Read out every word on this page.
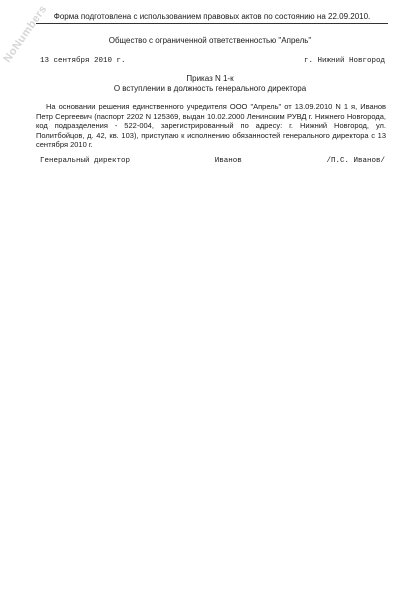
NoNumbers Форма подготовлена с использованием правовых актов по состоянию на 22.09.2010.
Общество с ограниченной ответственностью "Апрель"
13 сентября 2010 г.	г. Нижний Новгород
Приказ N 1-к
О вступлении в должность генерального директора
На основании решения единственного учредителя ООО "Апрель" от 13.09.2010 N 1 я, Иванов Петр Сергеевич (паспорт 2202 N 125369, выдан 10.02.2000 Ленинским РУВД г. Нижнего Новгорода, код подразделения - 522-004, зарегистрированный по адресу: г. Нижний Новгород, ул. Политбойцов, д. 42, кв. 103), приступаю к исполнению обязанностей генерального директора с 13 сентября 2010 г.
Генеральный директор	Иванов	/П.С. Иванов/
